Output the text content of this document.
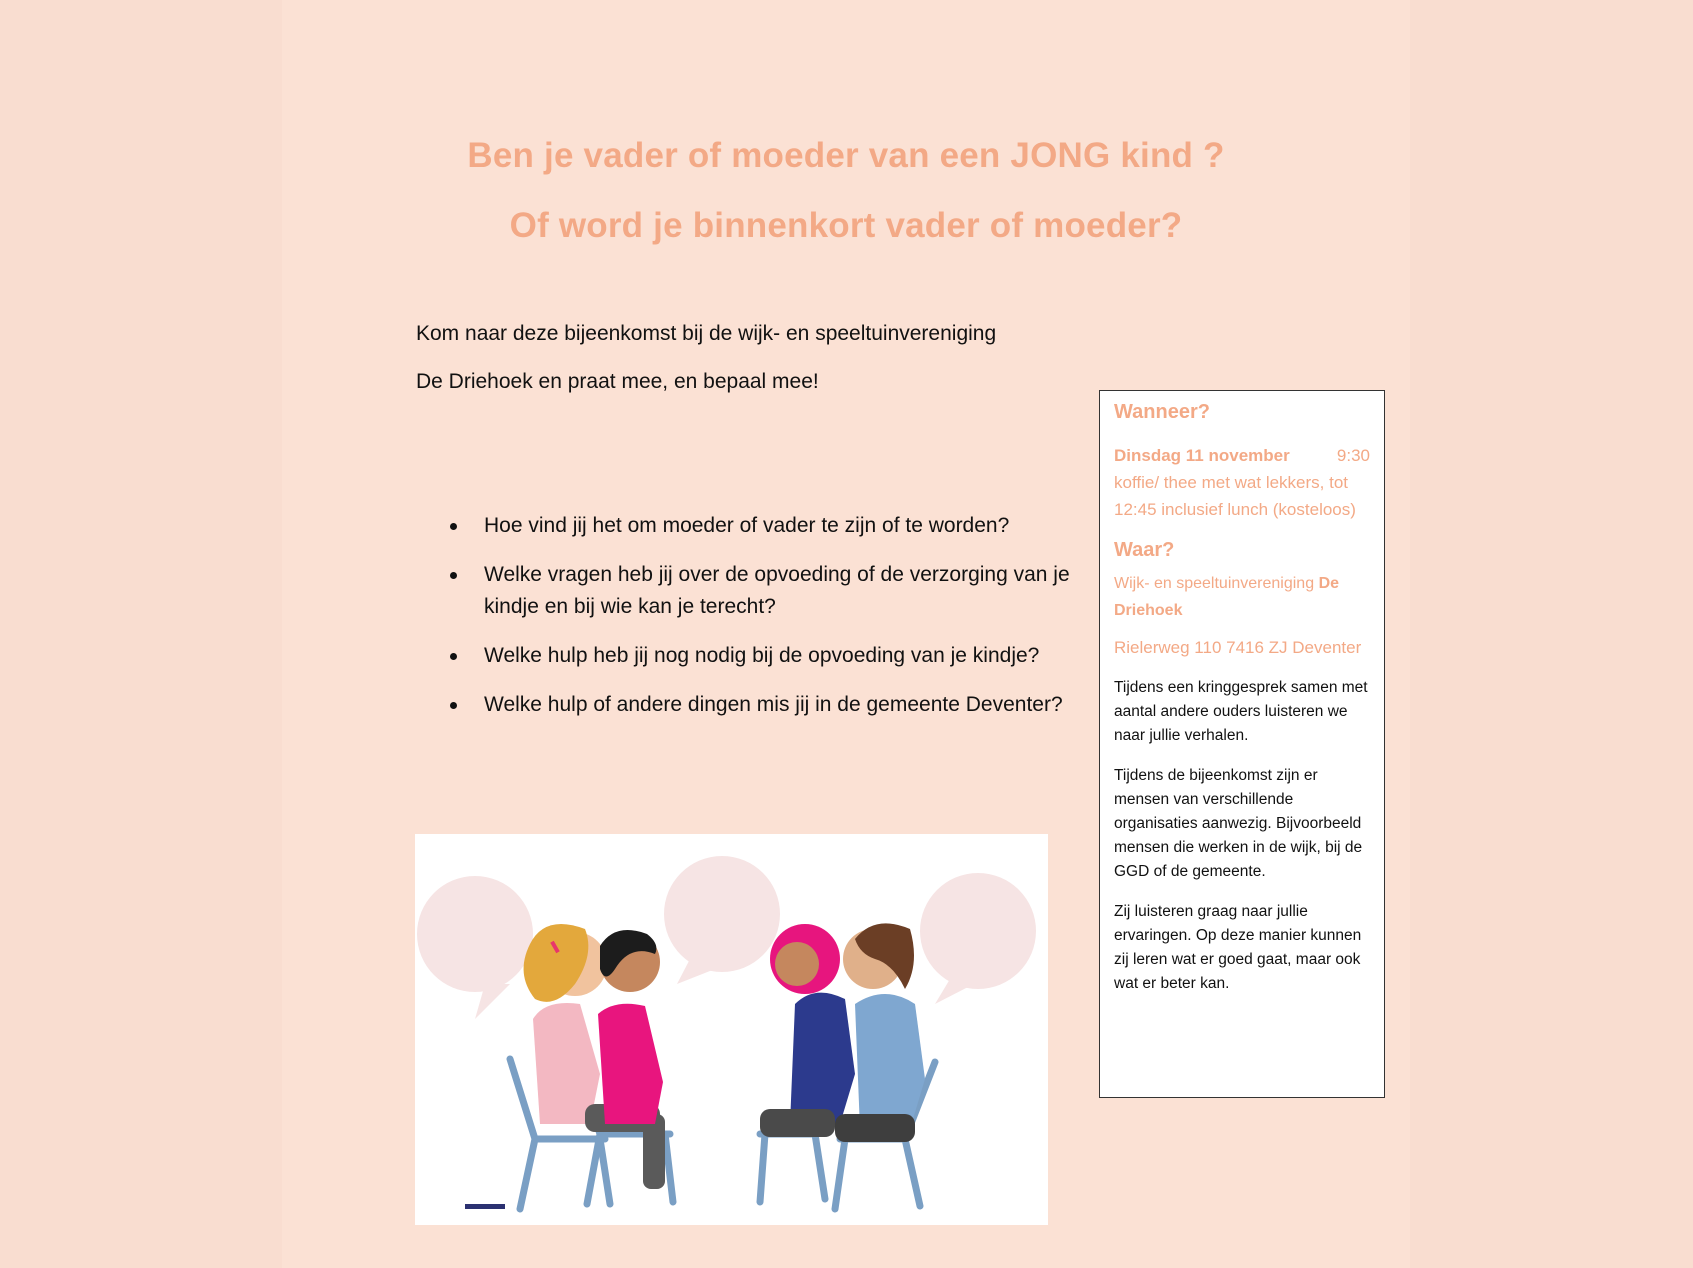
Ben je vader of moeder van een JONG kind ?
Of word je binnenkort vader of moeder?

Kom naar deze bijeenkomst bij de wijk- en speeltuinvereniging

De Driehoek en praat mee, en bepaal mee!

Hoe vind jij het om moeder of vader te zijn of te worden?
Welke vragen heb jij over de opvoeding of de verzorging van je kindje en bij wie kan je terecht?
Welke hulp heb jij nog nodig bij de opvoeding van je kindje?
Welke hulp of andere dingen mis jij in de gemeente Deventer?

Wanneer?

Dinsdag 11 november	9:30

koffie/ thee met wat lekkers, tot 12:45 inclusief lunch (kosteloos)

Waar?

Wijk- en speeltuinvereniging De Driehoek

Rielerweg 110 7416 ZJ Deventer

Tijdens een kringgesprek samen met aantal andere ouders luisteren we naar jullie verhalen.

Tijdens de bijeenkomst zijn er mensen van verschillende organisaties aanwezig. Bijvoorbeeld mensen die werken in de wijk, bij de GGD of de gemeente.

Zij luisteren graag naar jullie ervaringen. Op deze manier kunnen zij leren wat er goed gaat, maar ook wat er beter kan.
